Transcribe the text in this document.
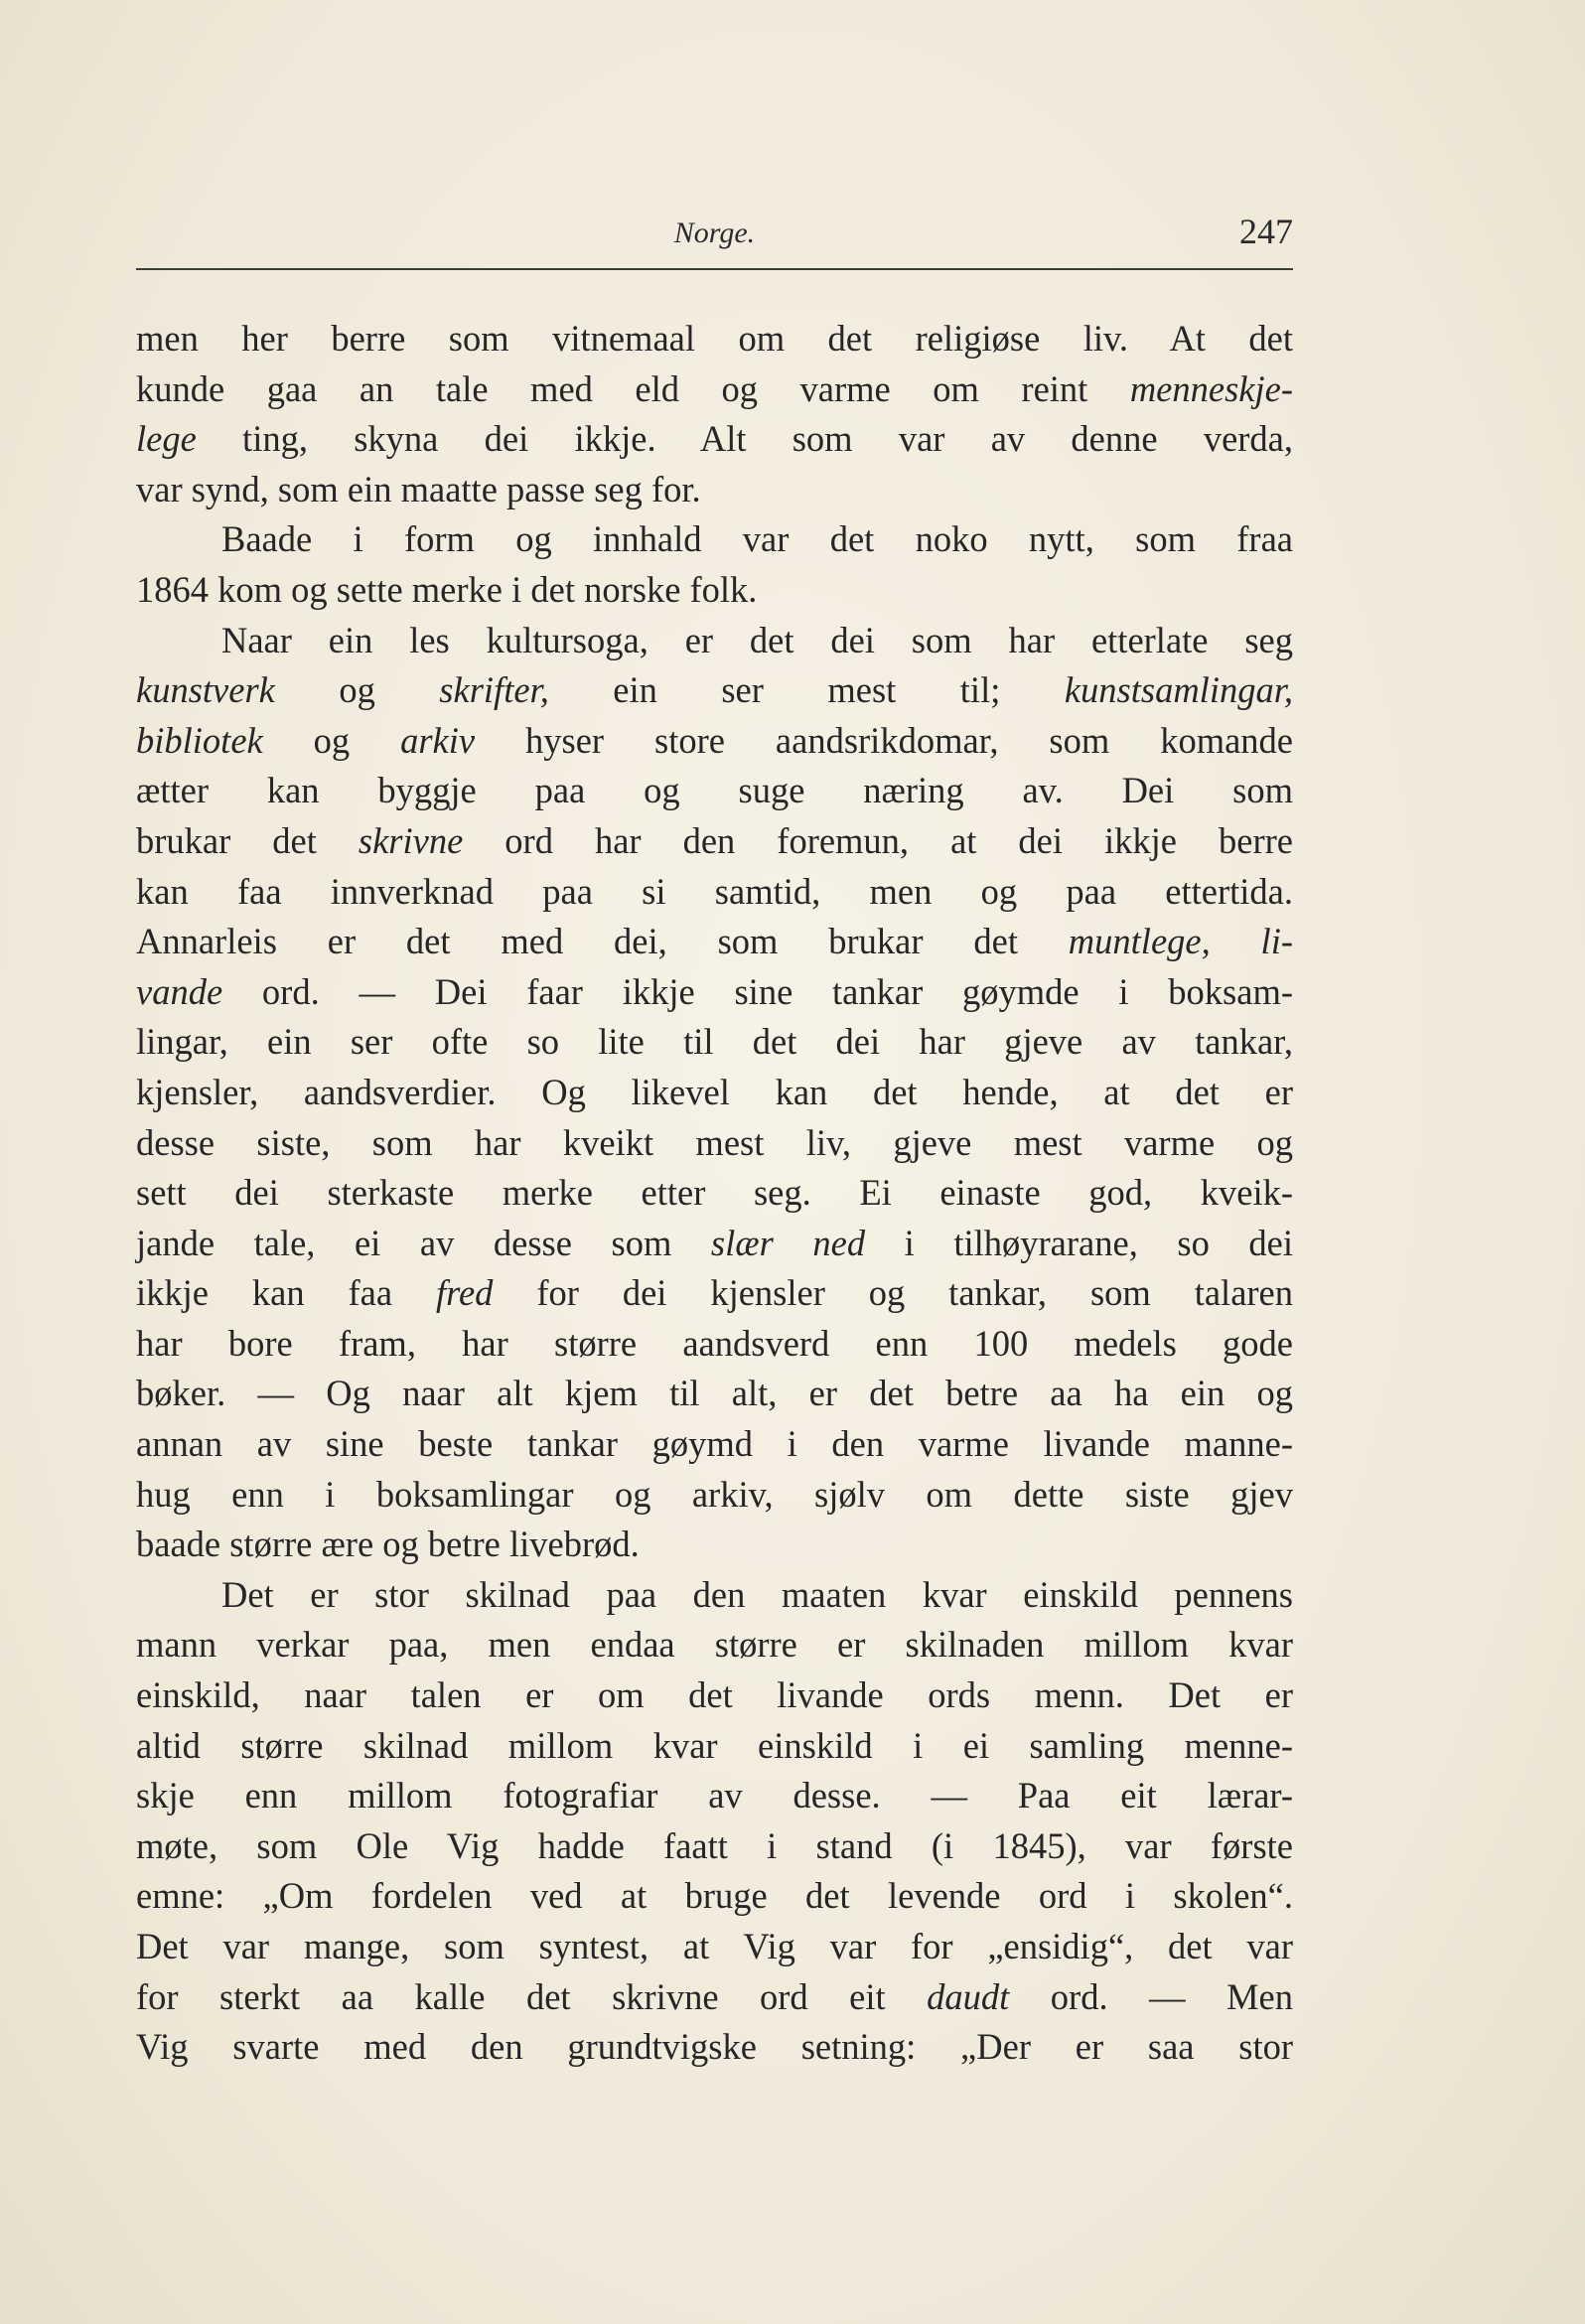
Norge.	247
men her berre som vitnemaal om det religiøse liv. At det
kunde gaa an tale med eld og varme om reint menneskje-
lege ting, skyna dei ikkje. Alt som var av denne verda,
var synd, som ein maatte passe seg for.
Baade i form og innhald var det noko nytt, som fraa
1864 kom og sette merke i det norske folk.
Naar ein les kultursoga, er det dei som har etterlate seg
kunstverk og skrifter, ein ser mest til; kunstsamlingar,
bibliotek og arkiv hyser store aandsrikdomar, som komande
ætter kan byggje paa og suge næring av. Dei som
brukar det skrivne ord har den foremun, at dei ikkje berre
kan faa innverknad paa si samtid, men og paa ettertida.
Annarleis er det med dei, som brukar det muntlege, li-
vande ord. — Dei faar ikkje sine tankar gøymde i boksam-
lingar, ein ser ofte so lite til det dei har gjeve av tankar,
kjensler, aandsverdier. Og likevel kan det hende, at det er
desse siste, som har kveikt mest liv, gjeve mest varme og
sett dei sterkaste merke etter seg. Ei einaste god, kveik-
jande tale, ei av desse som slær ned i tilhøyrarane, so dei
ikkje kan faa fred for dei kjensler og tankar, som talaren
har bore fram, har større aandsverd enn 100 medels gode
bøker. — Og naar alt kjem til alt, er det betre aa ha ein og
annan av sine beste tankar gøymd i den varme livande manne-
hug enn i boksamlingar og arkiv, sjølv om dette siste gjev
baade større ære og betre livebrød.
Det er stor skilnad paa den maaten kvar einskild pennens
mann verkar paa, men endaa større er skilnaden millom kvar
einskild, naar talen er om det livande ords menn. Det er
altid større skilnad millom kvar einskild i ei samling menne-
skje enn millom fotografiar av desse. — Paa eit lærar-
møte, som Ole Vig hadde faatt i stand (i 1845), var første
emne: „Om fordelen ved at bruge det levende ord i skolen“.
Det var mange, som syntest, at Vig var for „ensidig“, det var
for sterkt aa kalle det skrivne ord eit daudt ord. — Men
Vig svarte med den grundtvigske setning: „Der er saa stor
